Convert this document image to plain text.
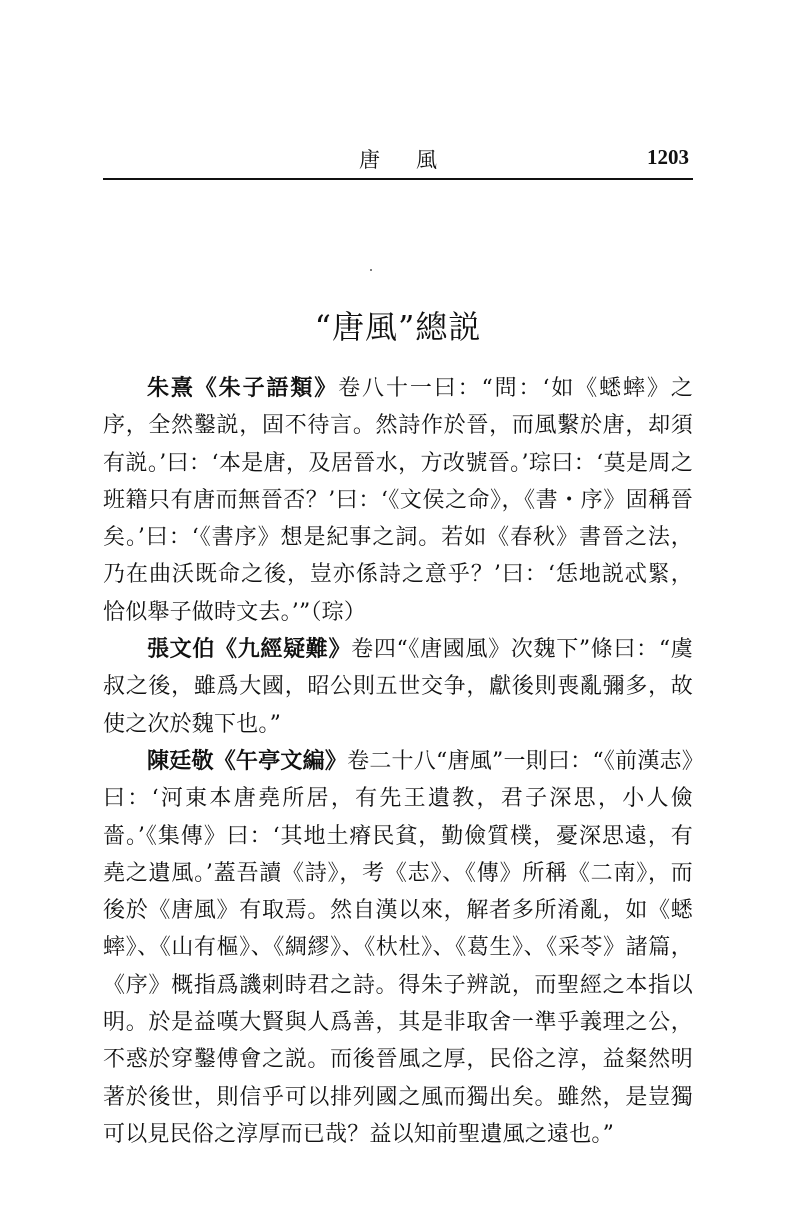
唐風	1203
“唐風”總説

朱熹《朱子語類》卷八十一曰：“問：‘如《蟋蟀》之序，全然鑿説，固不待言。然詩作於晉，而風繫於唐，却須有説。’曰：‘本是唐，及居晉水，方改號晉。’琮曰：‘莫是周之班籍只有唐而無晉否？’曰：‘《文侯之命》，《書・序》固稱晉矣。’曰：‘《書序》想是紀事之詞。若如《春秋》書晉之法，乃在曲沃既命之後，豈亦係詩之意乎？’曰：‘恁地説忒緊，恰似舉子做時文去。’”（琮）

張文伯《九經疑難》卷四“《唐國風》次魏下”條曰：“虞叔之後，雖爲大國，昭公則五世交争，獻後則喪亂彌多，故使之次於魏下也。”

陳廷敬《午亭文編》卷二十八“唐風”一則曰：“《前漢志》曰：‘河東本唐堯所居，有先王遺教，君子深思，小人儉嗇。’《集傳》曰：‘其地土瘠民貧，勤儉質樸，憂深思遠，有堯之遺風。’蓋吾讀《詩》，考《志》、《傳》所稱《二南》，而後於《唐風》有取焉。然自漢以來，解者多所淆亂，如《蟋蟀》、《山有樞》、《綢繆》、《杕杜》、《葛生》、《采苓》諸篇，《序》概指爲譏刺時君之詩。得朱子辨説，而聖經之本指以明。於是益嘆大賢與人爲善，其是非取舍一準乎義理之公，不惑於穿鑿傅會之説。而後晉風之厚，民俗之淳，益粲然明著於後世，則信乎可以排列國之風而獨出矣。雖然，是豈獨可以見民俗之淳厚而已哉？益以知前聖遺風之遠也。”
